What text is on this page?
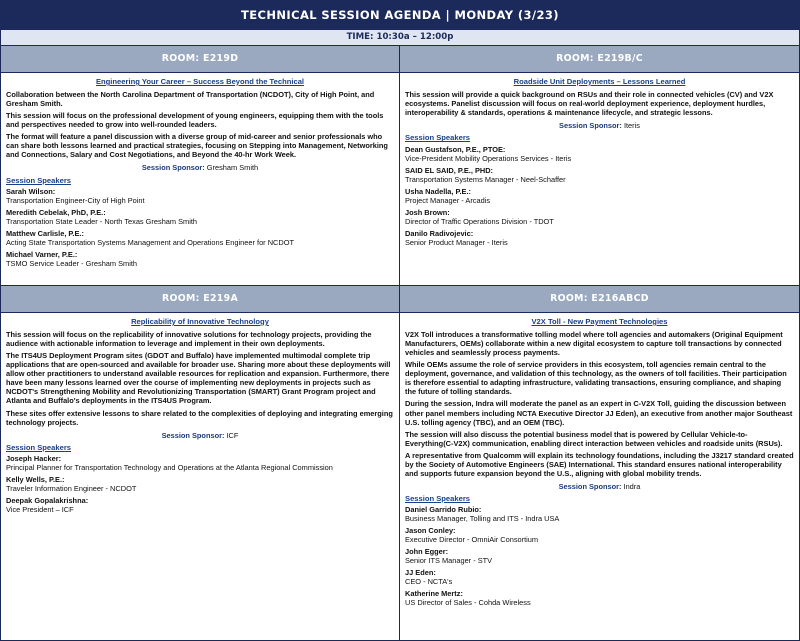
TECHNICAL SESSION AGENDA | MONDAY (3/23)
TIME: 10:30a – 12:00p
ROOM: E219D
Engineering Your Career – Success Beyond the Technical
Collaboration between the North Carolina Department of Transportation (NCDOT), City of High Point, and Gresham Smith.
This session will focus on the professional development of young engineers, equipping them with the tools and perspectives needed to grow into well-rounded leaders.
The format will feature a panel discussion with a diverse group of mid-career and senior professionals who can share both lessons learned and practical strategies, focusing on Stepping into Management, Networking and Connections, Salary and Cost Negotiations, and Beyond the 40-hr Work Week.
Session Sponsor: Gresham Smith
Session Speakers
Sarah Wilson:
Transportation Engineer-City of High Point
Meredith Cebelak, PhD, P.E.:
Transportation State Leader - North Texas Gresham Smith
Matthew Carlisle, P.E.:
Acting State Transportation Systems Management and Operations Engineer for NCDOT
Michael Varner, P.E.:
TSMO Service Leader - Gresham Smith
ROOM: E219B/C
Roadside Unit Deployments – Lessons Learned
This session will provide a quick background on RSUs and their role in connected vehicles (CV) and V2X ecosystems. Panelist discussion will focus on real-world deployment experience, deployment hurdles, interoperability & standards, operations & maintenance lifecycle, and strategic lessons.
Session Sponsor: Iteris
Session Speakers
Dean Gustafson, P.E., PTOE:
Vice-President Mobility Operations Services - Iteris
SAID EL SAID, P.E., PHD:
Transportation Systems Manager - Neel-Schaffer
Usha Nadella, P.E.:
Project Manager - Arcadis
Josh Brown:
Director of Traffic Operations Division - TDOT
Danilo Radivojevic:
Senior Product Manager - Iteris
ROOM: E219A
Replicability of Innovative Technology
This session will focus on the replicability of innovative solutions for technology projects, providing the audience with actionable information to leverage and implement in their own deployments.
The ITS4US Deployment Program sites (GDOT and Buffalo) have implemented multimodal complete trip applications that are open-sourced and available for broader use. Sharing more about these deployments will allow other practitioners to understand available resources for replication and expansion. Furthermore, there have been many lessons learned over the course of implementing new deployments in projects such as NCDOT's Strengthening Mobility and Revolutionizing Transportation (SMART) Grant Program project and Atlanta and Buffalo's deployments in the ITS4US Program.
These sites offer extensive lessons to share related to the complexities of deploying and integrating emerging technology projects.
Session Sponsor: ICF
Session Speakers
Joseph Hacker:
Principal Planner for Transportation Technology and Operations at the Atlanta Regional Commission
Kelly Wells, P.E.:
Traveler Information Engineer - NCDOT
Deepak Gopalakrishna:
Vice President – ICF
ROOM: E216ABCD
V2X Toll - New Payment Technologies
V2X Toll introduces a transformative tolling model where toll agencies and automakers (Original Equipment Manufacturers, OEMs) collaborate within a new digital ecosystem to capture toll transactions by connected vehicles and seamlessly process payments.
While OEMs assume the role of service providers in this ecosystem, toll agencies remain central to the deployment, governance, and validation of this technology, as the owners of toll facilities. Their participation is therefore essential to adapting infrastructure, validating transactions, ensuring compliance, and shaping the future of tolling standards.
During the session, Indra will moderate the panel as an expert in C-V2X Toll, guiding the discussion between other panel members including NCTA Executive Director JJ Eden), an executive from another major Southeast U.S. tolling agency (TBC), and an OEM (TBC).
The session will also discuss the potential business model that is powered by Cellular Vehicle-to-Everything(C-V2X) communication, enabling direct interaction between vehicles and roadside units (RSUs).
A representative from Qualcomm will explain its technology foundations, including the J3217 standard created by the Society of Automotive Engineers (SAE) International. This standard ensures national interoperability and supports future expansion beyond the U.S., aligning with global mobility trends.
Session Sponsor: Indra
Session Speakers
Daniel Garrido Rubio:
Business Manager, Tolling and ITS - Indra USA
Jason Conley:
Executive Director - OmniAir Consortium
John Egger:
Senior ITS Manager - STV
JJ Eden:
CEO - NCTA's
Katherine Mertz:
US Director of Sales - Cohda Wireless
